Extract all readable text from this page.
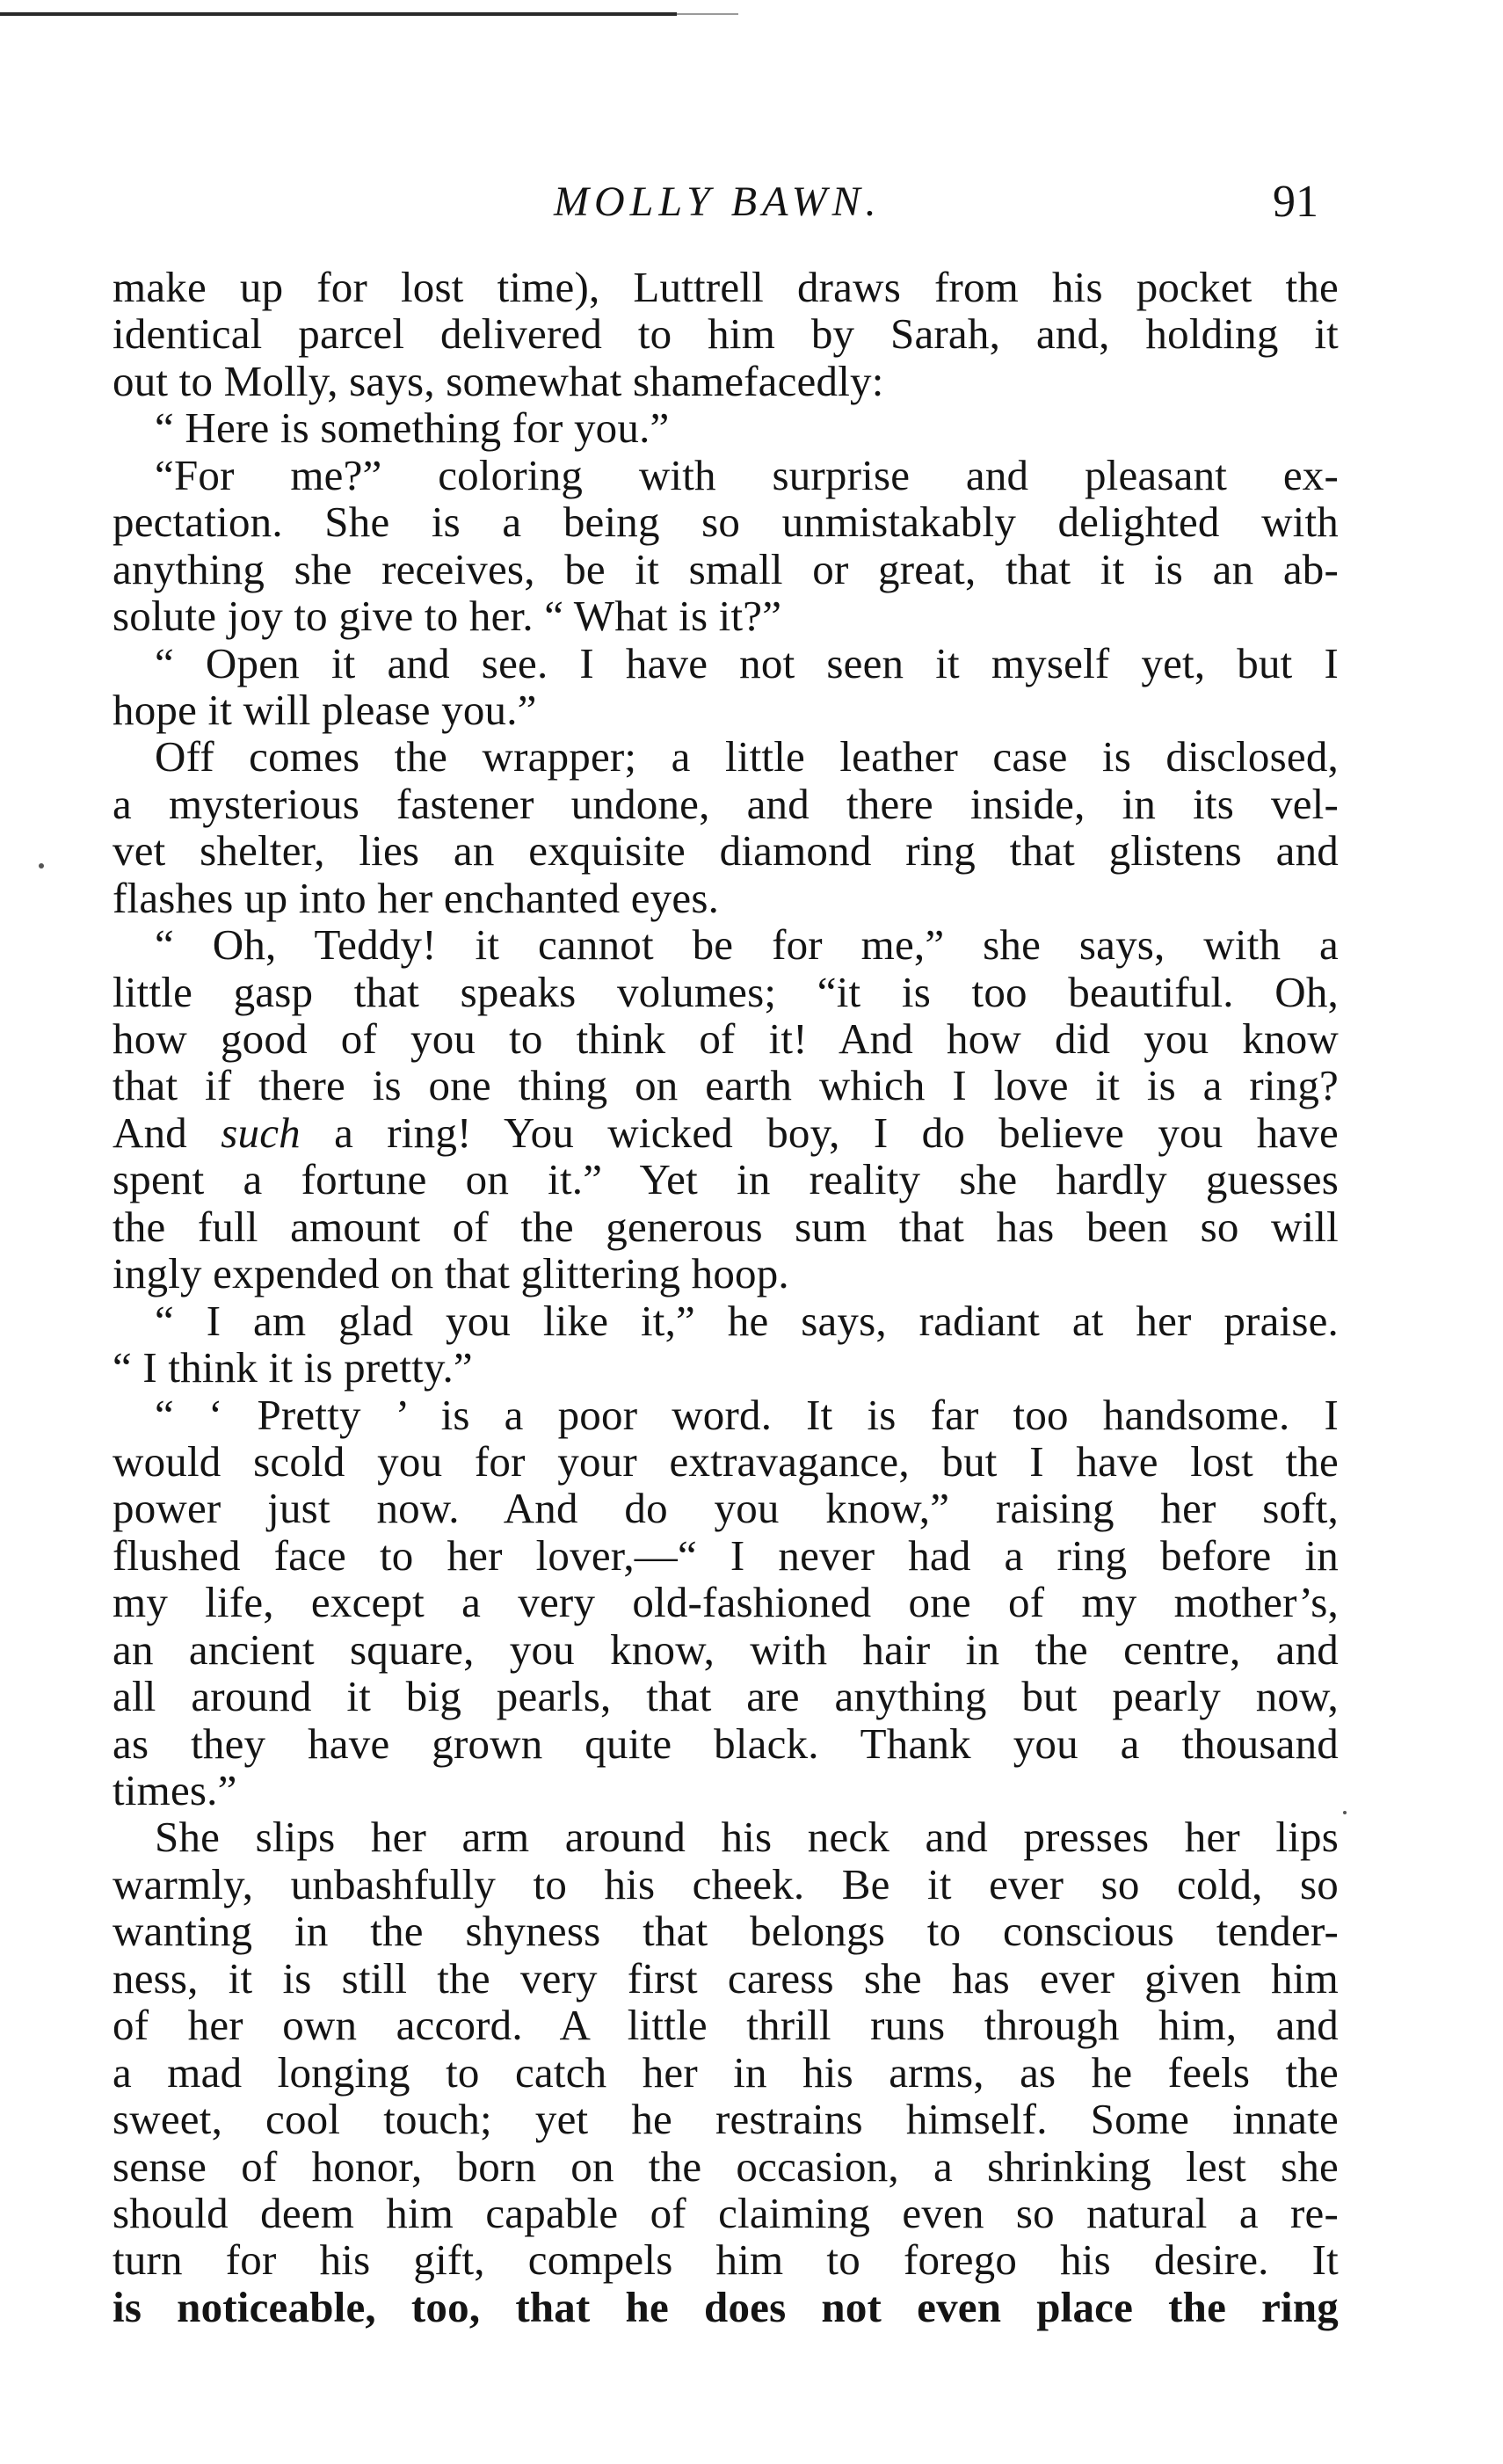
MOLLY BAWN.	91
make up for lost time), Luttrell draws from his pocket the
identical parcel delivered to him by Sarah, and, holding it
out to Molly, says, somewhat shamefacedly:
“ Here is something for you.”
“For me?” coloring with surprise and pleasant ex-
pectation. She is a being so unmistakably delighted with
anything she receives, be it small or great, that it is an ab-
solute joy to give to her. “ What is it?”
“ Open it and see. I have not seen it myself yet, but I
hope it will please you.”
Off comes the wrapper; a little leather case is disclosed,
a mysterious fastener undone, and there inside, in its vel-
vet shelter, lies an exquisite diamond ring that glistens and
flashes up into her enchanted eyes.
“ Oh, Teddy! it cannot be for me,” she says, with a
little gasp that speaks volumes; “it is too beautiful. Oh,
how good of you to think of it! And how did you know
that if there is one thing on earth which I love it is a ring?
And such a ring! You wicked boy, I do believe you have
spent a fortune on it.” Yet in reality she hardly guesses
the full amount of the generous sum that has been so will
ingly expended on that glittering hoop.
“ I am glad you like it,” he says, radiant at her praise.
“ I think it is pretty.”
“ ‘ Pretty ’ is a poor word. It is far too handsome. I
would scold you for your extravagance, but I have lost the
power just now. And do you know,” raising her soft,
flushed face to her lover,—“ I never had a ring before in
my life, except a very old-fashioned one of my mother’s,
an ancient square, you know, with hair in the centre, and
all around it big pearls, that are anything but pearly now,
as they have grown quite black. Thank you a thousand
times.”
She slips her arm around his neck and presses her lips
warmly, unbashfully to his cheek. Be it ever so cold, so
wanting in the shyness that belongs to conscious tender-
ness, it is still the very first caress she has ever given him
of her own accord. A little thrill runs through him, and
a mad longing to catch her in his arms, as he feels the
sweet, cool touch; yet he restrains himself. Some innate
sense of honor, born on the occasion, a shrinking lest she
should deem him capable of claiming even so natural a re-
turn for his gift, compels him to forego his desire. It
is noticeable, too, that he does not even place the ring
